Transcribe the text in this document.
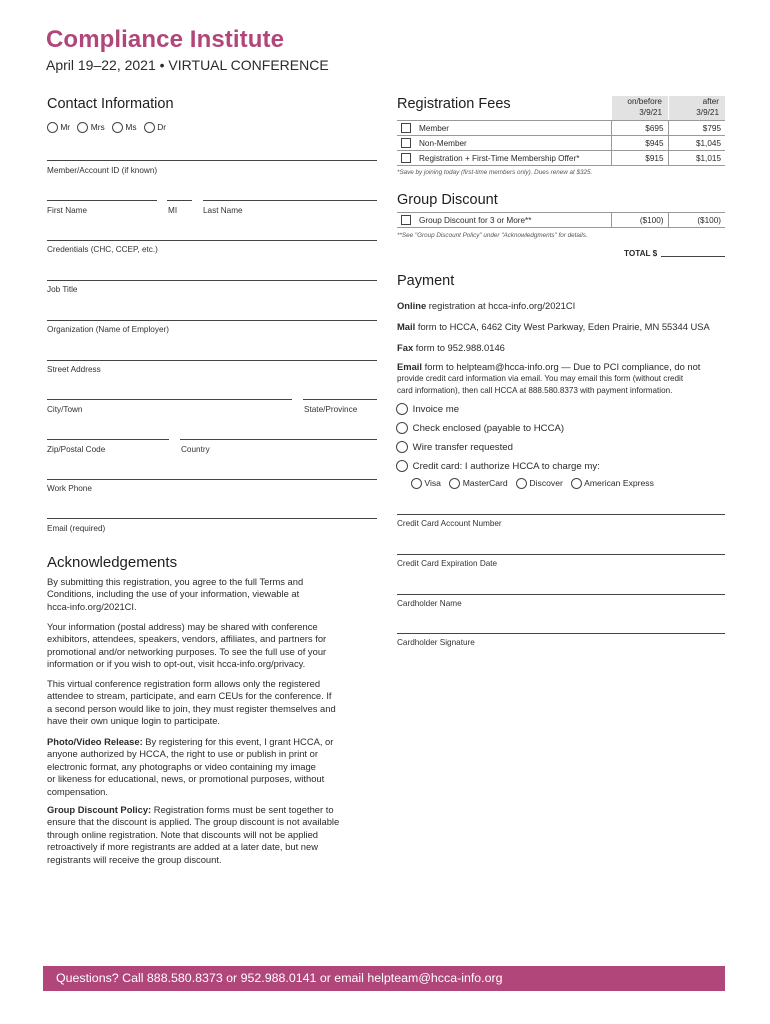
Compliance Institute
April 19–22, 2021 • VIRTUAL CONFERENCE
Contact Information
Mr Mrs Ms Dr
Member/Account ID (if known)
First Name	MI	Last Name
Credentials (CHC, CCEP, etc.)
Job Title
Organization (Name of Employer)
Street Address
City/Town	State/Province
Zip/Postal Code	Country
Work Phone
Email (required)
Acknowledgements
By submitting this registration, you agree to the full Terms and
Conditions, including the use of your information, viewable at
hcca-info.org/2021CI.
Your information (postal address) may be shared with conference
exhibitors, attendees, speakers, vendors, affiliates, and partners for
promotional and/or networking purposes. To see the full use of your
information or if you wish to opt-out, visit hcca-info.org/privacy.
This virtual conference registration form allows only the registered
attendee to stream, participate, and earn CEUs for the conference. If
a second person would like to join, they must register themselves and
have their own unique login to participate.
Photo/Video Release: By registering for this event, I grant HCCA, or
anyone authorized by HCCA, the right to use or publish in print or
electronic format, any photographs or video containing my image
or likeness for educational, news, or promotional purposes, without
compensation.
Group Discount Policy: Registration forms must be sent together to
ensure that the discount is applied. The group discount is not available
through online registration. Note that discounts will not be applied
retroactively if more registrants are added at a later date, but new
registrants will receive the group discount.
Registration Fees	on/before
3/9/21
after
3/9/21
	Member	$695	$795
	Non-Member	$945	$1,045
	Registration + First-Time Membership Offer*	$915	$1,015
*Save by joining today (first-time members only). Dues renew at $325.
Group Discount
	Group Discount for 3 or More**	($100)	($100)
**See "Group Discount Policy" under "Acknowledgments" for details.
TOTAL $
Payment
Online registration at hcca-info.org/2021CI
Mail form to HCCA, 6462 City West Parkway, Eden Prairie, MN 55344 USA
Fax form to 952.988.0146
Email form to helpteam@hcca-info.org — Due to PCI compliance, do not
provide credit card information via email. You may email this form (without credit
card information), then call HCCA at 888.580.8373 with payment information.
Invoice me
Check enclosed (payable to HCCA)
Wire transfer requested
Credit card: I authorize HCCA to charge my:
Visa	MasterCard	Discover American Express
Credit Card Account Number
Credit Card Expiration Date
Cardholder Name
Cardholder Signature
Questions? Call 888.580.8373 or 952.988.0141 or email helpteam@hcca-info.org
